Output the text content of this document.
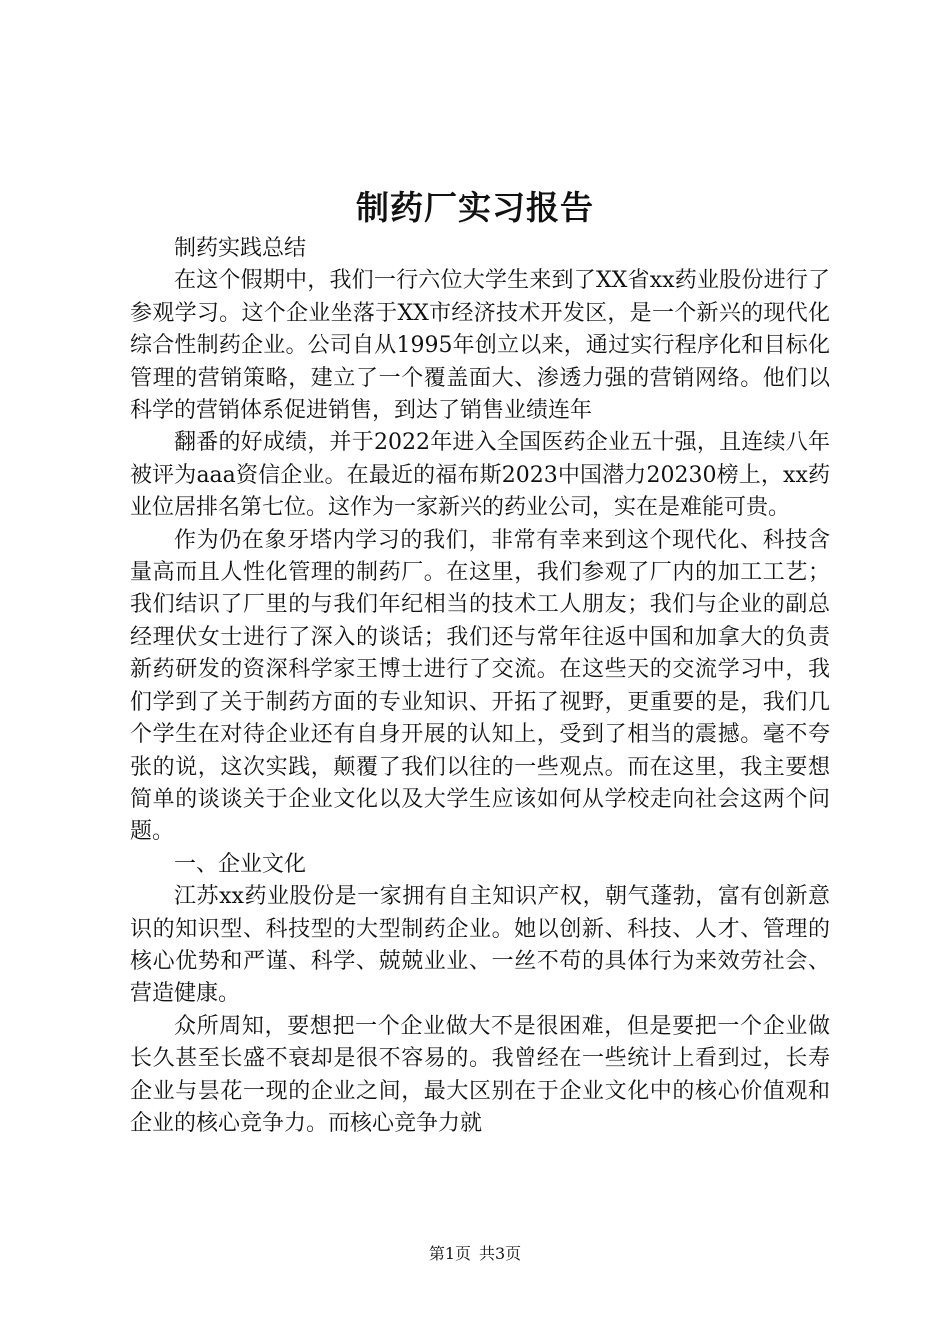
制药厂实习报告

制药实践总结

在这个假期中，我们一行六位大学生来到了XX省xx药业股份进行了参观学习。这个企业坐落于XX市经济技术开发区，是一个新兴的现代化综合性制药企业。公司自从1995年创立以来，通过实行程序化和目标化管理的营销策略，建立了一个覆盖面大、渗透力强的营销网络。他们以科学的营销体系促进销售，到达了销售业绩连年

翻番的好成绩，并于2022年进入全国医药企业五十强，且连续八年被评为aaa资信企业。在最近的福布斯2023中国潜力20230榜上，xx药业位居排名第七位。这作为一家新兴的药业公司，实在是难能可贵。

作为仍在象牙塔内学习的我们，非常有幸来到这个现代化、科技含量高而且人性化管理的制药厂。在这里，我们参观了厂内的加工工艺；我们结识了厂里的与我们年纪相当的技术工人朋友；我们与企业的副总经理伏女士进行了深入的谈话；我们还与常年往返中国和加拿大的负责新药研发的资深科学家王博士进行了交流。在这些天的交流学习中，我们学到了关于制药方面的专业知识、开拓了视野，更重要的是，我们几个学生在对待企业还有自身开展的认知上，受到了相当的震撼。毫不夸张的说，这次实践，颠覆了我们以往的一些观点。而在这里，我主要想简单的谈谈关于企业文化以及大学生应该如何从学校走向社会这两个问题。

一、企业文化

江苏xx药业股份是一家拥有自主知识产权，朝气蓬勃，富有创新意识的知识型、科技型的大型制药企业。她以创新、科技、人才、管理的核心优势和严谨、科学、兢兢业业、一丝不苟的具体行为来效劳社会、营造健康。

众所周知，要想把一个企业做大不是很困难，但是要把一个企业做长久甚至长盛不衰却是很不容易的。我曾经在一些统计上看到过，长寿企业与昙花一现的企业之间，最大区别在于企业文化中的核心价值观和企业的核心竞争力。而核心竞争力就

第1页 共3页
